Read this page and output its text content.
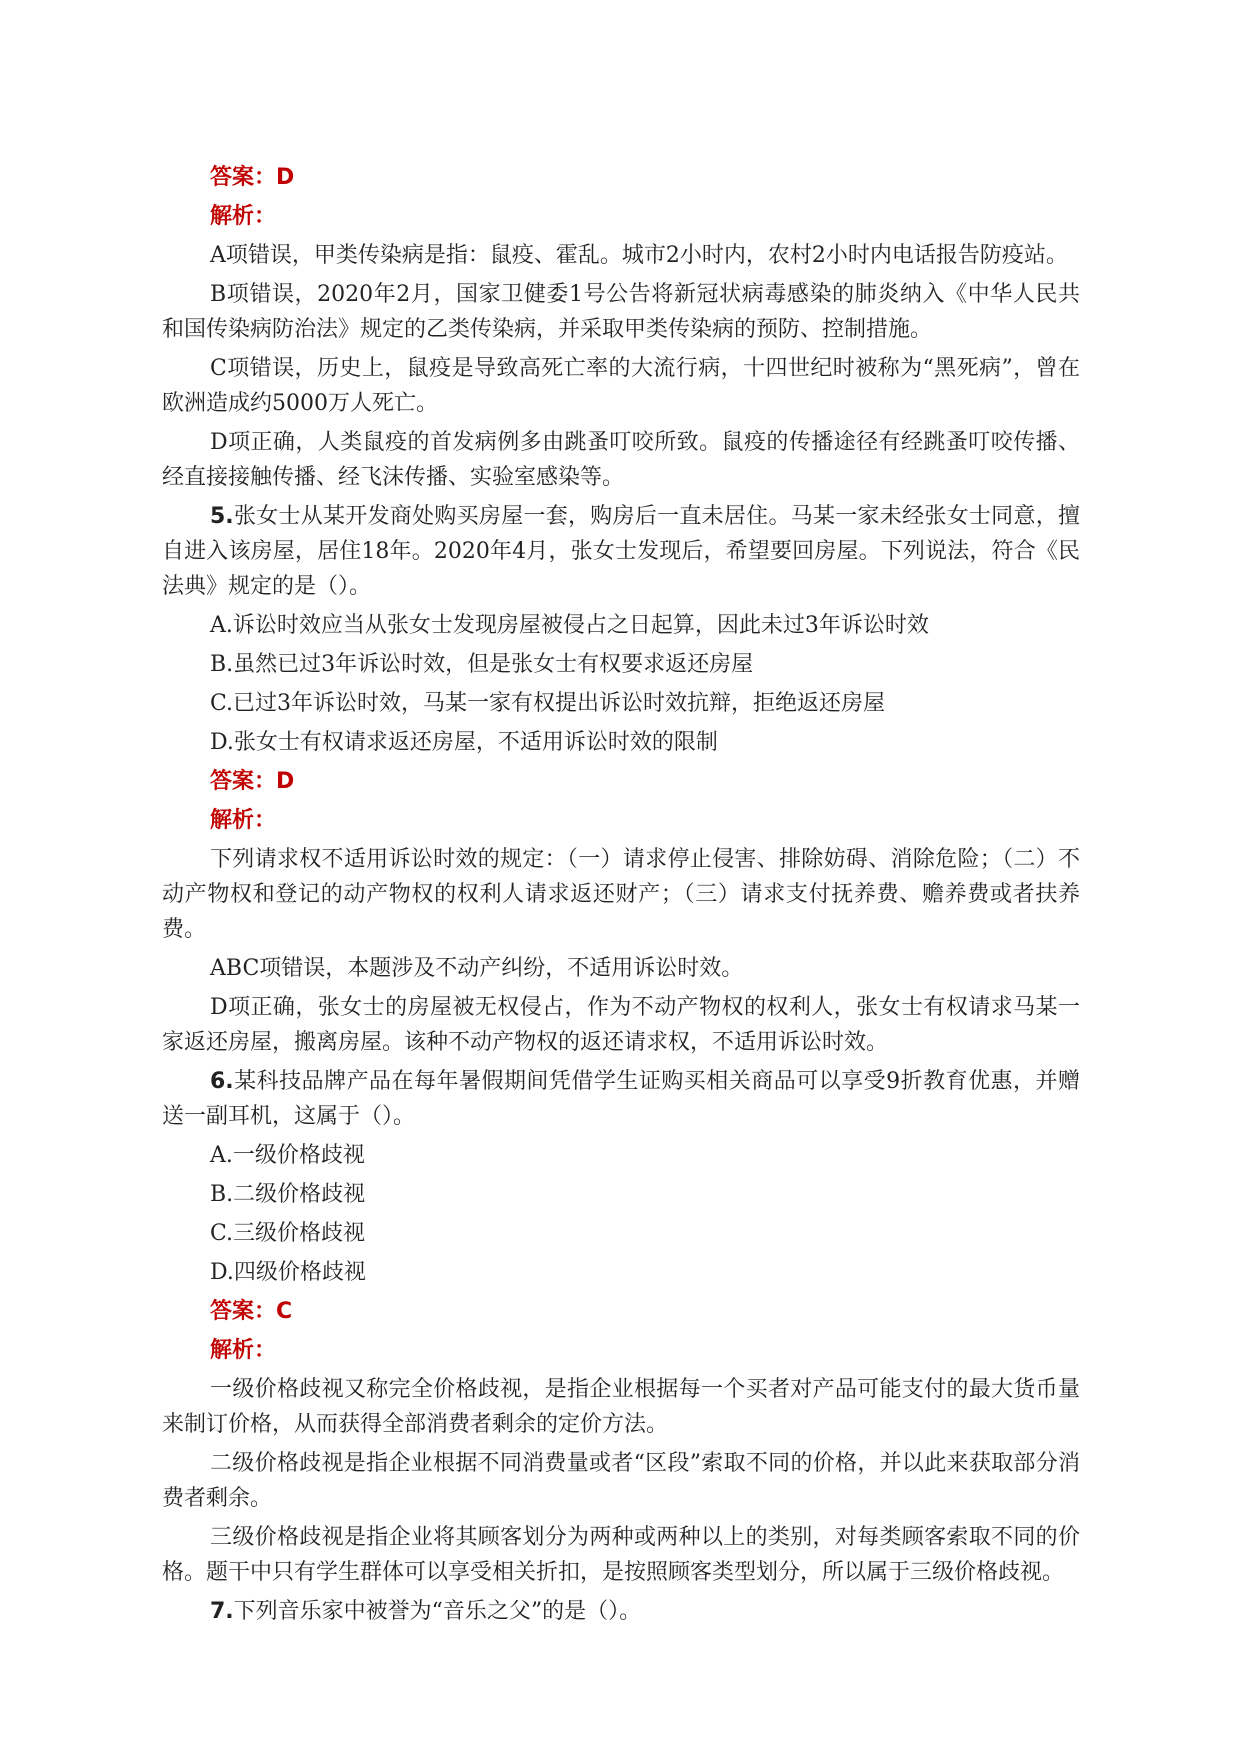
答案：D
解析：

A项错误，甲类传染病是指：鼠疫、霍乱。城市2小时内，农村2小时内电话报告防疫站。

B项错误，2020年2月，国家卫健委1号公告将新冠状病毒感染的肺炎纳入《中华人民共和国传染病防治法》规定的乙类传染病，并采取甲类传染病的预防、控制措施。

C项错误，历史上，鼠疫是导致高死亡率的大流行病，十四世纪时被称为“黑死病”，曾在欧洲造成约5000万人死亡。

D项正确，人类鼠疫的首发病例多由跳蚤叮咬所致。鼠疫的传播途径有经跳蚤叮咬传播、经直接接触传播、经飞沫传播、实验室感染等。

5.张女士从某开发商处购买房屋一套，购房后一直未居住。马某一家未经张女士同意，擅自进入该房屋，居住18年。2020年4月，张女士发现后，希望要回房屋。下列说法，符合《民法典》规定的是（）。

A.诉讼时效应当从张女士发现房屋被侵占之日起算，因此未过3年诉讼时效
B.虽然已过3年诉讼时效，但是张女士有权要求返还房屋
C.已过3年诉讼时效，马某一家有权提出诉讼时效抗辩，拒绝返还房屋
D.张女士有权请求返还房屋，不适用诉讼时效的限制
答案：D
解析：

下列请求权不适用诉讼时效的规定：（一）请求停止侵害、排除妨碍、消除危险；（二）不动产物权和登记的动产物权的权利人请求返还财产；（三）请求支付抚养费、赡养费或者扶养费。

ABC项错误，本题涉及不动产纠纷，不适用诉讼时效。

D项正确，张女士的房屋被无权侵占，作为不动产物权的权利人，张女士有权请求马某一家返还房屋，搬离房屋。该种不动产物权的返还请求权，不适用诉讼时效。

6.某科技品牌产品在每年暑假期间凭借学生证购买相关商品可以享受9折教育优惠，并赠送一副耳机，这属于（）。

A.一级价格歧视
B.二级价格歧视
C.三级价格歧视
D.四级价格歧视
答案：C
解析：

一级价格歧视又称完全价格歧视，是指企业根据每一个买者对产品可能支付的最大货币量来制订价格，从而获得全部消费者剩余的定价方法。

二级价格歧视是指企业根据不同消费量或者“区段”索取不同的价格，并以此来获取部分消费者剩余。

三级价格歧视是指企业将其顾客划分为两种或两种以上的类别，对每类顾客索取不同的价格。题干中只有学生群体可以享受相关折扣，是按照顾客类型划分，所以属于三级价格歧视。

7.下列音乐家中被誉为“音乐之父”的是（）。
